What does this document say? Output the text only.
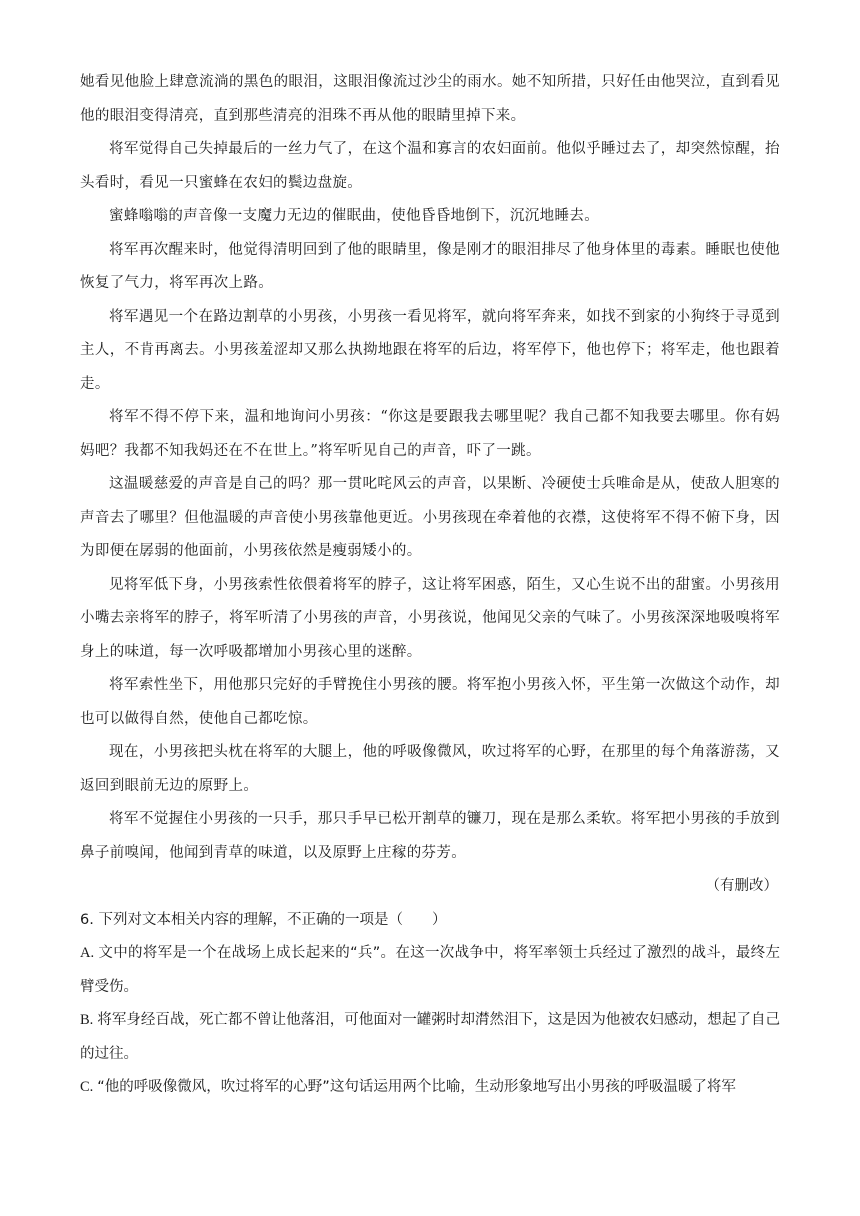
她看见他脸上肆意流淌的黑色的眼泪，这眼泪像流过沙尘的雨水。她不知所措，只好任由他哭泣，直到看见他的眼泪变得清亮，直到那些清亮的泪珠不再从他的眼睛里掉下来。

将军觉得自己失掉最后的一丝力气了，在这个温和寡言的农妇面前。他似乎睡过去了，却突然惊醒，抬头看时，看见一只蜜蜂在农妇的鬓边盘旋。

蜜蜂嗡嗡的声音像一支魔力无边的催眠曲，使他昏昏地倒下，沉沉地睡去。

将军再次醒来时，他觉得清明回到了他的眼睛里，像是刚才的眼泪排尽了他身体里的毒素。睡眠也使他恢复了气力，将军再次上路。

将军遇见一个在路边割草的小男孩，小男孩一看见将军，就向将军奔来，如找不到家的小狗终于寻觅到主人，不肯再离去。小男孩羞涩却又那么执拗地跟在将军的后边，将军停下，他也停下；将军走，他也跟着走。

将军不得不停下来，温和地询问小男孩：“你这是要跟我去哪里呢？我自己都不知我要去哪里。你有妈妈吧？我都不知我妈还在不在世上。”将军听见自己的声音，吓了一跳。

这温暖慈爱的声音是自己的吗？那一贯叱咤风云的声音，以果断、冷硬使士兵唯命是从，使敌人胆寒的声音去了哪里？但他温暖的声音使小男孩靠他更近。小男孩现在牵着他的衣襟，这使将军不得不俯下身，因为即便在孱弱的他面前，小男孩依然是瘦弱矮小的。

见将军低下身，小男孩索性依偎着将军的脖子，这让将军困惑，陌生，又心生说不出的甜蜜。小男孩用小嘴去亲将军的脖子，将军听清了小男孩的声音，小男孩说，他闻见父亲的气味了。小男孩深深地吸嗅将军身上的味道，每一次呼吸都增加小男孩心里的迷醉。

将军索性坐下，用他那只完好的手臂挽住小男孩的腰。将军抱小男孩入怀，平生第一次做这个动作，却也可以做得自然，使他自己都吃惊。

现在，小男孩把头枕在将军的大腿上，他的呼吸像微风，吹过将军的心野，在那里的每个角落游荡，又返回到眼前无边的原野上。

将军不觉握住小男孩的一只手，那只手早已松开割草的镰刀，现在是那么柔软。将军把小男孩的手放到鼻子前嗅闻，他闻到青草的味道，以及原野上庄稼的芬芳。

（有删改）

6. 下列对文本相关内容的理解，不正确的一项是（　　）

A. 文中的将军是一个在战场上成长起来的“兵”。在这一次战争中，将军率领士兵经过了激烈的战斗，最终左臂受伤。

B. 将军身经百战，死亡都不曾让他落泪，可他面对一罐粥时却潸然泪下，这是因为他被农妇感动，想起了自己的过往。

C. “他的呼吸像微风，吹过将军的心野”这句话运用两个比喻，生动形象地写出小男孩的呼吸温暖了将军
